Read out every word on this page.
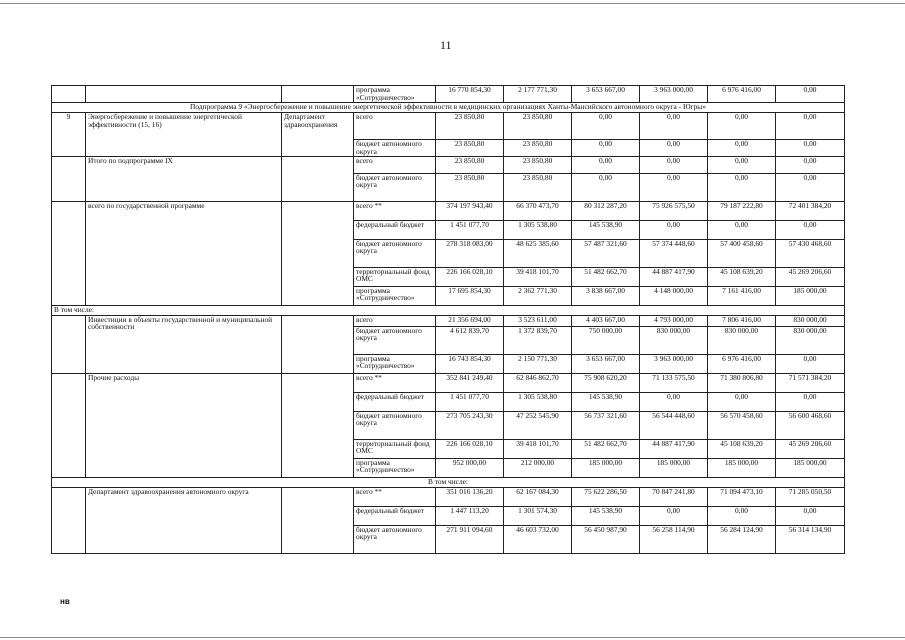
11
			программа «Сотрудничество»	16 770 854,30	2 177 771,30	3 653 667,00	3 963 000,00	6 976 416,00	0,00
Подпрограмма 9 «Энергосбережение и повышение энергетической эффективности в медицинских организациях Ханты-Мансийского автономного округа - Югры»									
9	Энергосбережение и повышение энергетической эффективности (15, 16)	Департамент здравоохранения	всего	23 850,80	23 850,80	0,00	0,00	0,00	0,00
			бюджет автономного округа	23 850,80	23 850,80	0,00	0,00	0,00	0,00
	Итого по подпрограмме IX		всего	23 850,80	23 850,80	0,00	0,00	0,00	0,00
			бюджет автономного округа	23 850,80	23 850,80	0,00	0,00	0,00	0,00
	всего по государственной программе		всего **	374 197 943,40	66 370 473,70	80 312 287,20	75 926 575,50	79 187 222,80	72 401 384,20
			федеральный бюджет	1 451 077,70	1 305 538,80	145 538,90	0,00	0,00	0,00
			бюджет автономного округа	278 318 083,00	48 625 385,60	57 487 321,60	57 374 448,60	57 400 458,60	57 430 468,60
			территориальный фонд ОМС	226 166 028,10	39 418 101,70	51 482 662,70	44 887 417,90	45 108 639,20	45 269 206,60
			программа «Сотрудничество»	17 695 854,30	2 362 771,30	3 838 667,00	4 148 000,00	7 161 416,00	185 000,00
В том числе:									
	Инвестиции в объекты государственной и муниципальной собственности		всего	21 356 694,00	3 523 611,00	4 403 667,00	4 793 000,00	7 806 416,00	830 000,00
			бюджет автономного округа	4 612 839,70	1 372 839,70	750 000,00	830 000,00	830 000,00	830 000,00
			программа «Сотрудничество»	16 743 854,30	2 150 771,30	3 653 667,00	3 963 000,00	6 976 416,00	0,00
	Прочие расходы		всего **	352 841 249,40	62 846 862,70	75 908 620,20	71 133 575,50	71 380 806,80	71 571 384,20
			федеральный бюджет	1 451 077,70	1 305 538,80	145 538,90	0,00	0,00	0,00
			бюджет автономного округа	273 705 243,30	47 252 545,90	56 737 321,60	56 544 448,60	56 570 458,60	56 600 468,60
			территориальный фонд ОМС	226 166 028,10	39 418 101,70	51 482 662,70	44 887 417,90	45 108 639,20	45 269 206,60
			программа «Сотрудничество»	952 000,00	212 000,00	185 000,00	185 000,00	185 000,00	185 000,00
В том числе:									
	Департамент здравоохранения автономного округа		всего **	351 016 136,20	62 167 084,30	75 622 286,50	70 847 241,80	71 094 473,10	71 285 050,50
			федеральный бюджет	1 447 113,20	1 301 574,30	145 538,90	0,00	0,00	0,00
			бюджет автономного округа	271 911 094,60	46 603 732,00	56 450 987,90	56 258 114,90	56 284 124,90	56 314 134,90
нв
